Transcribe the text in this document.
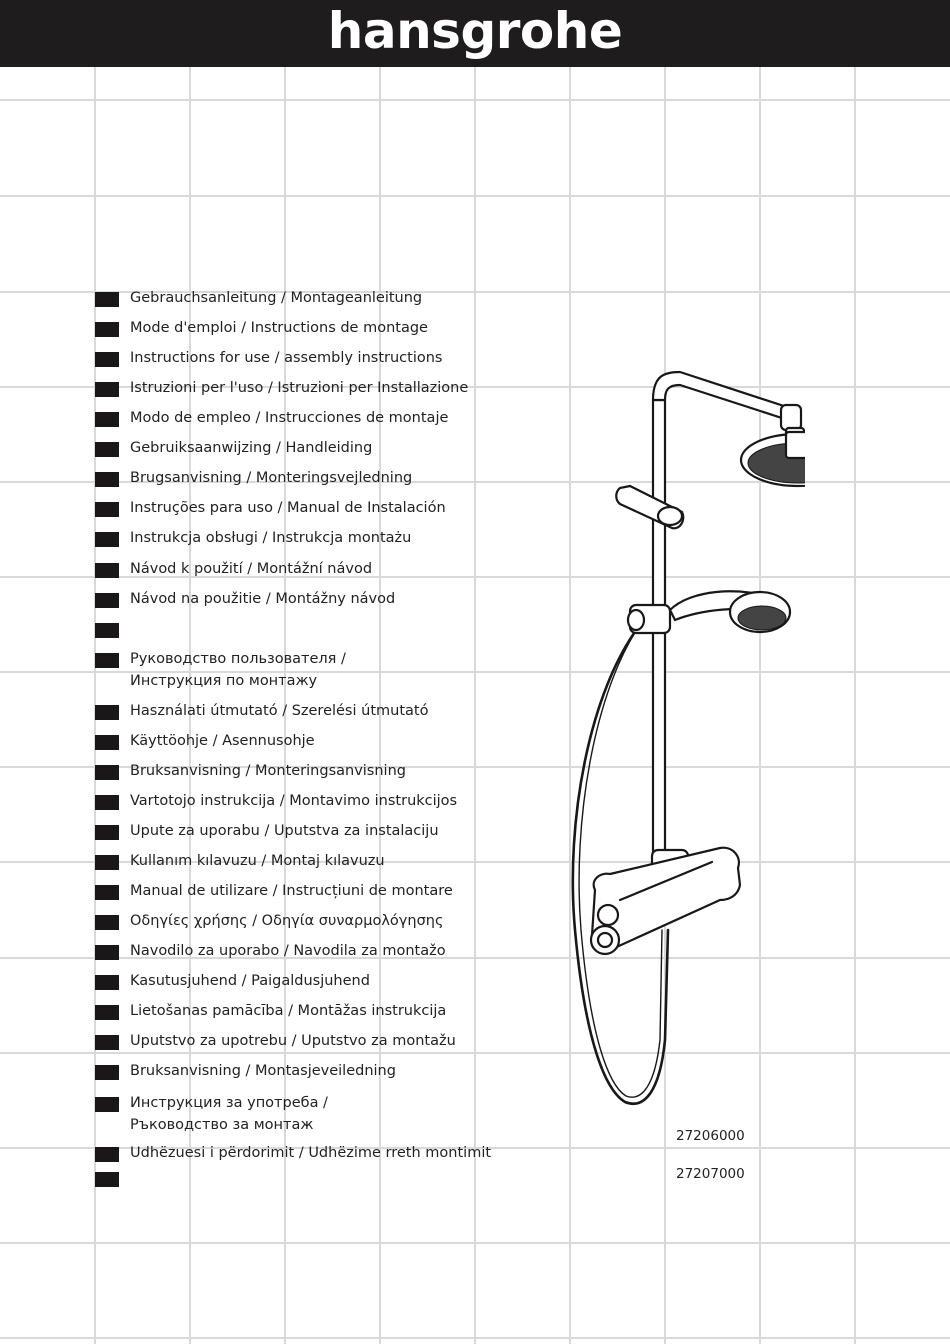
hansgrohe
Gebrauchsanleitung / Montageanleitung
Mode d'emploi / Instructions de montage
Instructions for use / assembly instructions
Istruzioni per l'uso / Istruzioni per Installazione
Modo de empleo / Instrucciones de montaje
Gebruiksaanwijzing / Handleiding
Brugsanvisning / Monteringsvejledning
Instruções para uso / Manual de Instalación
Instrukcja obsługi / Instrukcja montażu
Návod k použití / Montážní návod
Návod na použitie / Montážny návod
Руководство пользователя /
Инструкция по монтажу
Használati útmutató / Szerelési útmutató
Käyttöohje / Asennusohje
Bruksanvisning / Monteringsanvisning
Vartotojo instrukcija / Montavimo instrukcijos
Upute za uporabu / Uputstva za instalaciju
Kullanım kılavuzu / Montaj kılavuzu
Manual de utilizare / Instrucțiuni de montare
Οδηγίες χρήσης / Οδηγία συναρμολόγησης
Navodilo za uporabo / Navodila za montažo
Kasutusjuhend / Paigaldusjuhend
Lietošanas pamācība / Montāžas instrukcija
Uputstvo za upotrebu / Uputstvo za montažu
Bruksanvisning / Montasjeveiledning
Инструкция за употреба /
Ръководство за монтаж
Udhëzuesi i përdorimit / Udhëzime rreth montimit
27206000
27207000
